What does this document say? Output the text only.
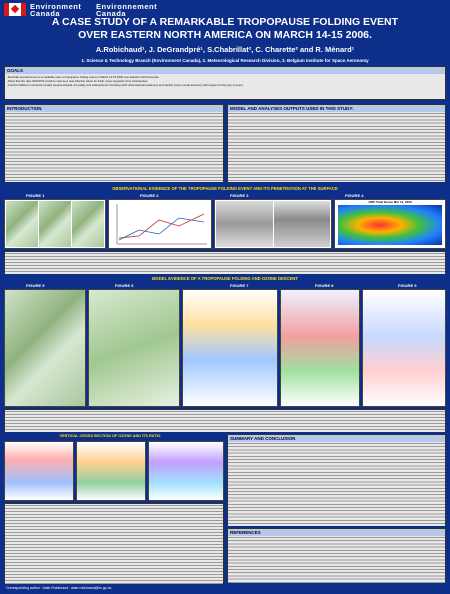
Environment
Canada
Environnement
Canada
A CASE STUDY OF A REMARKABLE TROPOPAUSE FOLDING EVENT
OVER EASTERN NORTH AMERICA ON MARCH 14-15 2006.
A.Robichaud¹, J. DeGrandpré¹, S.Chabrillat², C. Charette² and R. Ménard¹
1. Science & Technology Branch (Environment Canada), 2. Meteorological Research Division, 3. Belgium Institute for Space Aeronomy
GOALS
-Describe and document a remarkable case of tropopause folding event on March 14-15 2006 over Eastern North America.
-Show that the ratio HNO3/O3 could be view as a new effective tracer for fresh ozone signature from stratosphere.
-Confront different numerical models (meteorological, air quality and stratospheric chemistry) with observational evidences and identify ozone model accuracy with respect to this type of event.
INTRODUCTION	MODEL AND ANALYSES OUTPUTS USED IN THIS STUDY:
OBSERVATIONAL EVIDENCE OF THE TROPOPAUSE FOLDING EVENT AND ITS PENETRATION AT THE SURFACE
FIGURE 1	FIGURE 2	FIGURE 3	FIGURE 4
CMU Total Ozone Mar 14, 2006
MODEL EVIDENCE OF A TROPOPAUSE FOLDING AND OZONE DESCENT
FIGURE 5	FIGURE 6	FIGURE 7	FIGURE 8	FIGURE 9
VERTICAL CROSS SECTION OF OZONE AND ITS RATIO	SUMMARY AND CONCLUSION
REFERENCES
Corresponding author : Alain Robichaud : alain.robichaud@ec.gc.ca
